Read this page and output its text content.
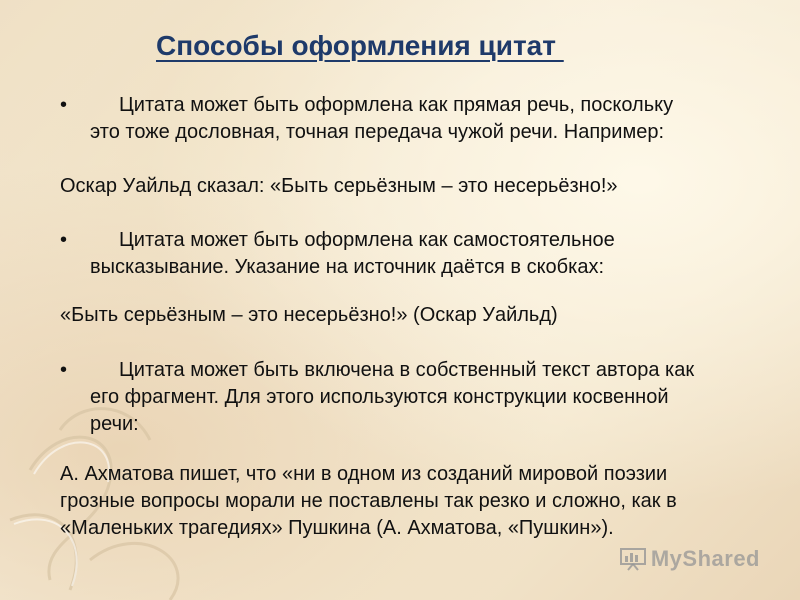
Способы оформления цитат
•	Цитата может быть оформлена как прямая речь, поскольку
это тоже дословная, точная передача чужой речи. Например:
Оскар Уайльд сказал: «Быть серьёзным – это несерьёзно!»
•	Цитата может быть оформлена как самостоятельное
высказывание. Указание на источник даётся в скобках:
«Быть серьёзным – это несерьёзно!» (Оскар Уайльд)
•	Цитата может быть включена в собственный текст автора как
его фрагмент. Для этого используются конструкции косвенной
речи:
А. Ахматова пишет, что «ни в одном из созданий мировой поэзии
грозные вопросы морали не поставлены так резко и сложно, как в
«Маленьких трагедиях» Пушкина (А. Ахматова, «Пушкин»).
MyShared
